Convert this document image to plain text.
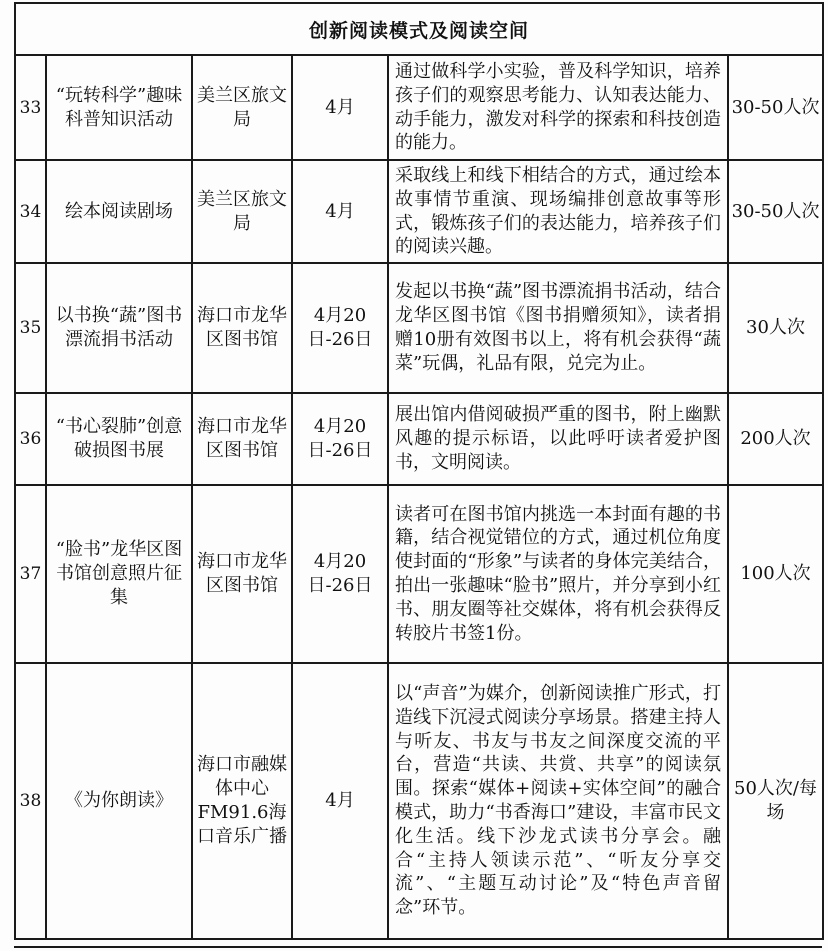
创新阅读模式及阅读空间					
33	“玩转科学”趣味科普知识活动	美兰区旅文局	4月	通过做科学小实验，普及科学知识，培养孩子们的观察思考能力、认知表达能力、动手能力，激发对科学的探索和科技创造的能力。	30-50人次
34	绘本阅读剧场	美兰区旅文局	4月	采取线上和线下相结合的方式，通过绘本故事情节重演、现场编排创意故事等形式，锻炼孩子们的表达能力，培养孩子们的阅读兴趣。	30-50人次
35	以书换“蔬”图书漂流捐书活动	海口市龙华区图书馆	4月20日-26日	发起以书换“蔬”图书漂流捐书活动，结合龙华区图书馆《图书捐赠须知》，读者捐赠10册有效图书以上，将有机会获得“蔬菜”玩偶，礼品有限，兑完为止。	30人次
36	“书心裂肺”创意破损图书展	海口市龙华区图书馆	4月20日-26日	展出馆内借阅破损严重的图书，附上幽默风趣的提示标语，以此呼吁读者爱护图书，文明阅读。	200人次
37	“脸书”龙华区图书馆创意照片征集	海口市龙华区图书馆	4月20日-26日	读者可在图书馆内挑选一本封面有趣的书籍，结合视觉错位的方式，通过机位角度使封面的“形象”与读者的身体完美结合，拍出一张趣味“脸书”照片，并分享到小红书、朋友圈等社交媒体，将有机会获得反转胶片书签1份。	100人次
38	《为你朗读》	海口市融媒体中心FM91.6海口音乐广播	4月	以“声音”为媒介，创新阅读推广形式，打造线下沉浸式阅读分享场景。搭建主持人与听友、书友与书友之间深度交流的平台，营造“共读、共赏、共享”的阅读氛围。探索“媒体+阅读+实体空间”的融合模式，助力“书香海口”建设，丰富市民文化生活。线下沙龙式读书分享会。融合“主持人领读示范”、“听友分享交流”、“主题互动讨论”及“特色声音留念”环节。	50人次/每场
